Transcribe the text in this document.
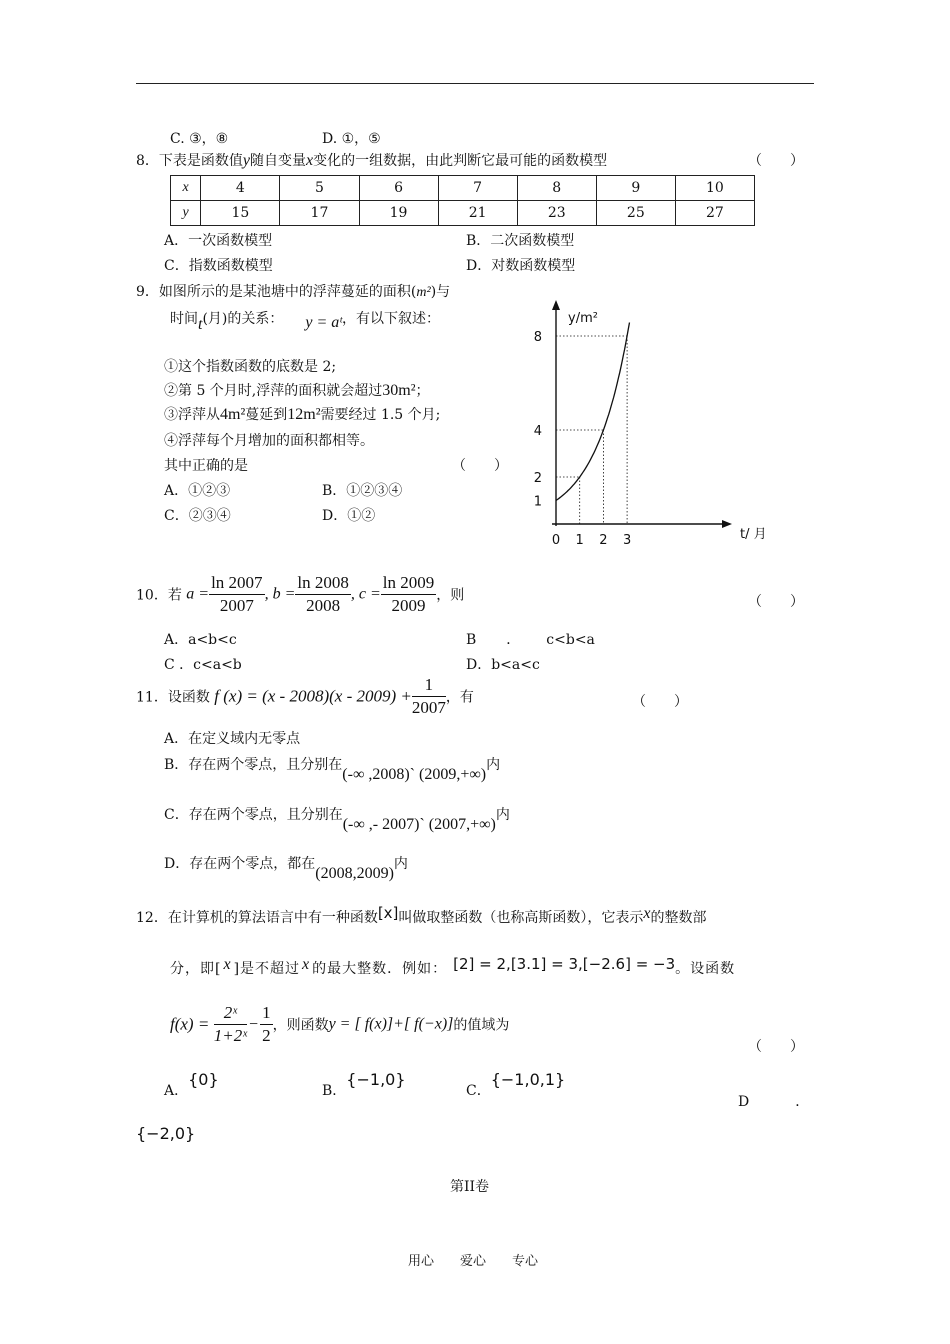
C. ③，⑧	D. ①，⑤
8．下表是函数值y随自变量x变化的一组数据，由此判断它最可能的函数模型	（　　）
x	4	5	6	7	8	9	10
y	15	17	19	21	23	25	27
A．一次函数模型	B．二次函数模型
C．指数函数模型	D．对数函数模型
9．如图所示的是某池塘中的浮萍蔓延的面积(m²)与
时间t(月)的关系： y = aᵗ，有以下叙述：
①这个指数函数的底数是 2;
②第 5 个月时,浮萍的面积就会超过30m²；
③浮萍从4m²蔓延到12m²需要经过 1.5 个月;
④浮萍每个月增加的面积都相等。
其中正确的是	（　　）
A．①②③	B．①②③④
C．②③④	D．①②
0 1 2 3
1
2
4
8
y/m²
t/ 月
10．若 $a = \frac{\ln 2007}{2007}$ , $b = \frac{\ln 2008}{2008}$ , $c = \frac{\ln 2009}{2009}$ ，则	（　　）
A．a<b<c	B ． c<b<a
C ．c<a<b	D．b<a<c
11．设函数 f $(x) = (x - 2008)(x - 2009) + \frac{1}{2007}$ ，有	（　　）
A．在定义域内无零点
B．存在两个零点，且分别在(-∞ ,2008)` (2009,+∞)内
C．存在两个零点，且分别在(-∞ ,- 2007)` (2007,+∞)内
D．存在两个零点，都在(2008,2009)内
12．在计算机的算法语言中有一种函数[x]叫做取整函数（也称高斯函数），它表示x的整数部
分，即[ x ]是不超过 x 的最大整数．例如： [2] = 2,[3.1] = 3,[−2.6] = −3。设函数
$f(x) = \frac{\text{2ˣ}}{\text{1+2ˣ}} - \frac{1}{2}$ ，则函数y = [ f(x)]+[ f(−x)]的值域为
（　　）
A．{0}
B．{−1,0}
C．{−1,0,1}
D	．
{−2,0}
第II卷
用心　　爱心　　专心
